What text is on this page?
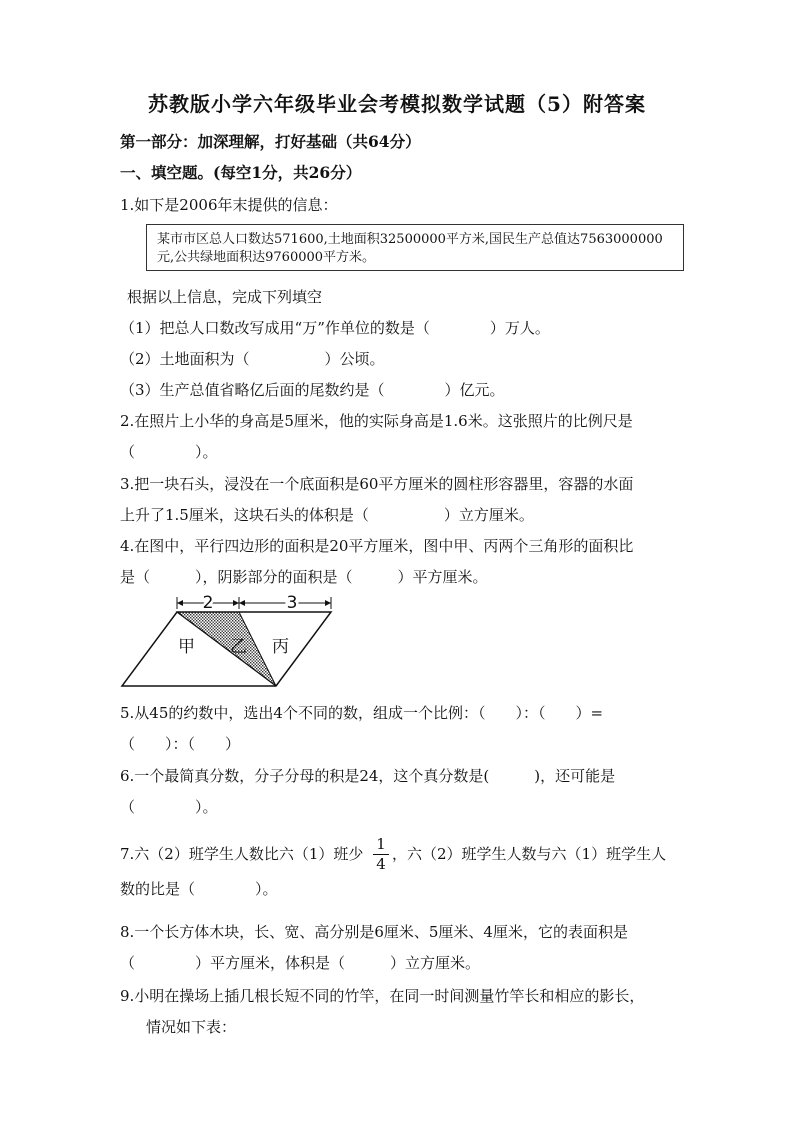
苏教版小学六年级毕业会考模拟数学试题（5）附答案
第一部分：加深理解，打好基础（共64分）
一、填空题。(每空1分，共26分）
1.如下是2006年末提供的信息：
某市市区总人口数达571600,土地面积32500000平方米,国民生产总值达7563000000
元,公共绿地面积达9760000平方米。
根据以上信息，完成下列填空
（1）把总人口数改写成用“万”作单位的数是（　　　　）万人。
（2）土地面积为（　　　　　）公顷。
（3）生产总值省略亿后面的尾数约是（　　　　）亿元。
2.在照片上小华的身高是5厘米，他的实际身高是1.6米。这张照片的比例尺是
（　　　　）。
3.把一块石头，浸没在一个底面积是60平方厘米的圆柱形容器里，容器的水面
上升了1.5厘米，这块石头的体积是（　　　　　）立方厘米。
4.在图中，平行四边形的面积是20平方厘米，图中甲、丙两个三角形的面积比
是（　　　），阴影部分的面积是（　　　）平方厘米。
2	3
甲 乙 丙
5.从45的约数中，选出4个不同的数，组成一个比例：（　　）：（　　）=
（　　）：（　　）
6.一个最简真分数，分子分母的积是24，这个真分数是(　　　)，还可能是
（　　　　）。
7.六（2）班学生人数比六（1）班少
1
4
，六（2）班学生人数与六（1）班学生人
数的比是（　　　　）。
8.一个长方体木块，长、宽、高分别是6厘米、5厘米、4厘米，它的表面积是
（　　　　）平方厘米，体积是（　　　）立方厘米。
9.小明在操场上插几根长短不同的竹竿，在同一时间测量竹竿长和相应的影长，
情况如下表：
